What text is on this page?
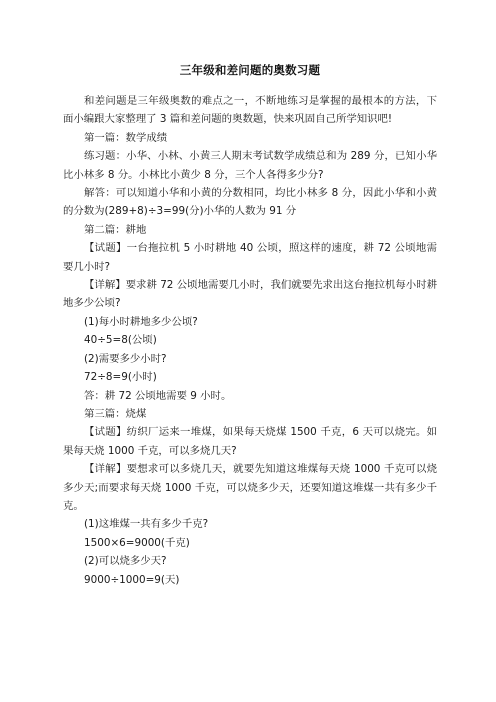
三年级和差问题的奥数习题

和差问题是三年级奥数的难点之一，不断地练习是掌握的最根本的方法，下面小编跟大家整理了 3 篇和差问题的奥数题，快来巩固自己所学知识吧!

第一篇：数学成绩

练习题：小华、小林、小黄三人期末考试数学成绩总和为 289 分，已知小华比小林多 8 分。小林比小黄少 8 分，三个人各得多少分?

解答：可以知道小华和小黄的分数相同，均比小林多 8 分，因此小华和小黄的分数为(289+8)÷3=99(分)小华的人数为 91 分

第二篇：耕地

【试题】一台拖拉机 5 小时耕地 40 公顷，照这样的速度，耕 72 公顷地需要几小时?

【详解】要求耕 72 公顷地需要几小时，我们就要先求出这台拖拉机每小时耕地多少公顷?

(1)每小时耕地多少公顷?

40÷5=8(公顷)

(2)需要多少小时?

72÷8=9(小时)

答：耕 72 公顷地需要 9 小时。

第三篇：烧煤

【试题】纺织厂运来一堆煤，如果每天烧煤 1500 千克，6 天可以烧完。如果每天烧 1000 千克，可以多烧几天?

【详解】要想求可以多烧几天，就要先知道这堆煤每天烧 1000 千克可以烧多少天;而要求每天烧 1000 千克，可以烧多少天，还要知道这堆煤一共有多少千克。

(1)这堆煤一共有多少千克?

1500×6=9000(千克)

(2)可以烧多少天?

9000÷1000=9(天)
